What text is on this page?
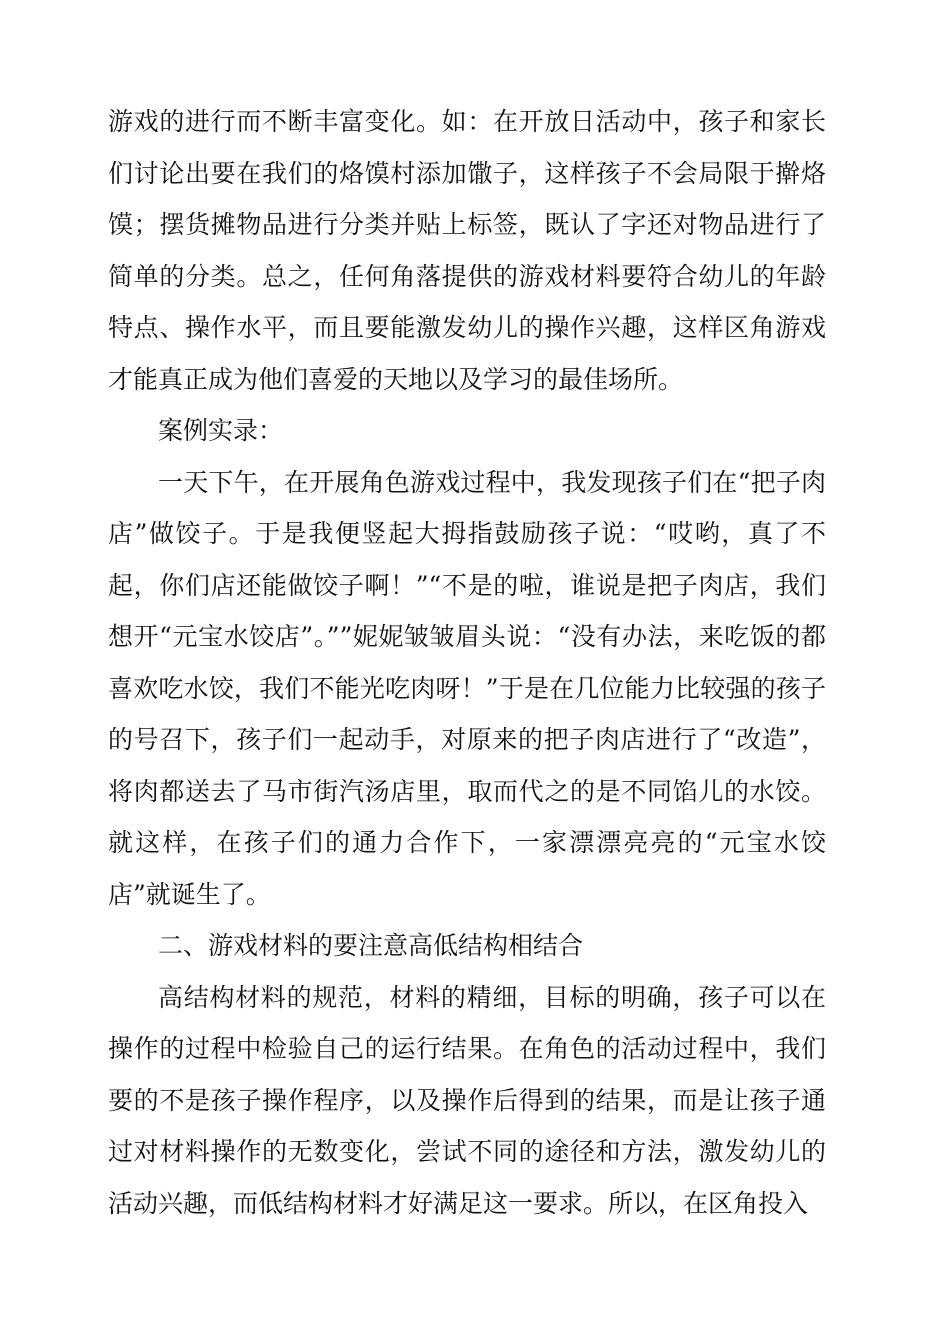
游戏的进行而不断丰富变化。如：在开放日活动中，孩子和家长们讨论出要在我们的烙馍村添加馓子，这样孩子不会局限于擀烙馍；摆货摊物品进行分类并贴上标签，既认了字还对物品进行了简单的分类。总之，任何角落提供的游戏材料要符合幼儿的年龄特点、操作水平，而且要能激发幼儿的操作兴趣，这样区角游戏才能真正成为他们喜爱的天地以及学习的最佳场所。

案例实录：

一天下午，在开展角色游戏过程中，我发现孩子们在“把子肉店”做饺子。于是我便竖起大拇指鼓励孩子说：“哎哟，真了不起，你们店还能做饺子啊！”“不是的啦，谁说是把子肉店，我们想开“元宝水饺店”。””妮妮皱皱眉头说：“没有办法，来吃饭的都喜欢吃水饺，我们不能光吃肉呀！”于是在几位能力比较强的孩子的号召下，孩子们一起动手，对原来的把子肉店进行了“改造”，将肉都送去了马市街汽汤店里，取而代之的是不同馅儿的水饺。就这样，在孩子们的通力合作下，一家漂漂亮亮的“元宝水饺店”就诞生了。

二、游戏材料的要注意高低结构相结合

高结构材料的规范，材料的精细，目标的明确，孩子可以在操作的过程中检验自己的运行结果。在角色的活动过程中，我们要的不是孩子操作程序，以及操作后得到的结果，而是让孩子通过对材料操作的无数变化，尝试不同的途径和方法，激发幼儿的活动兴趣，而低结构材料才好满足这一要求。所以，在区角投入
